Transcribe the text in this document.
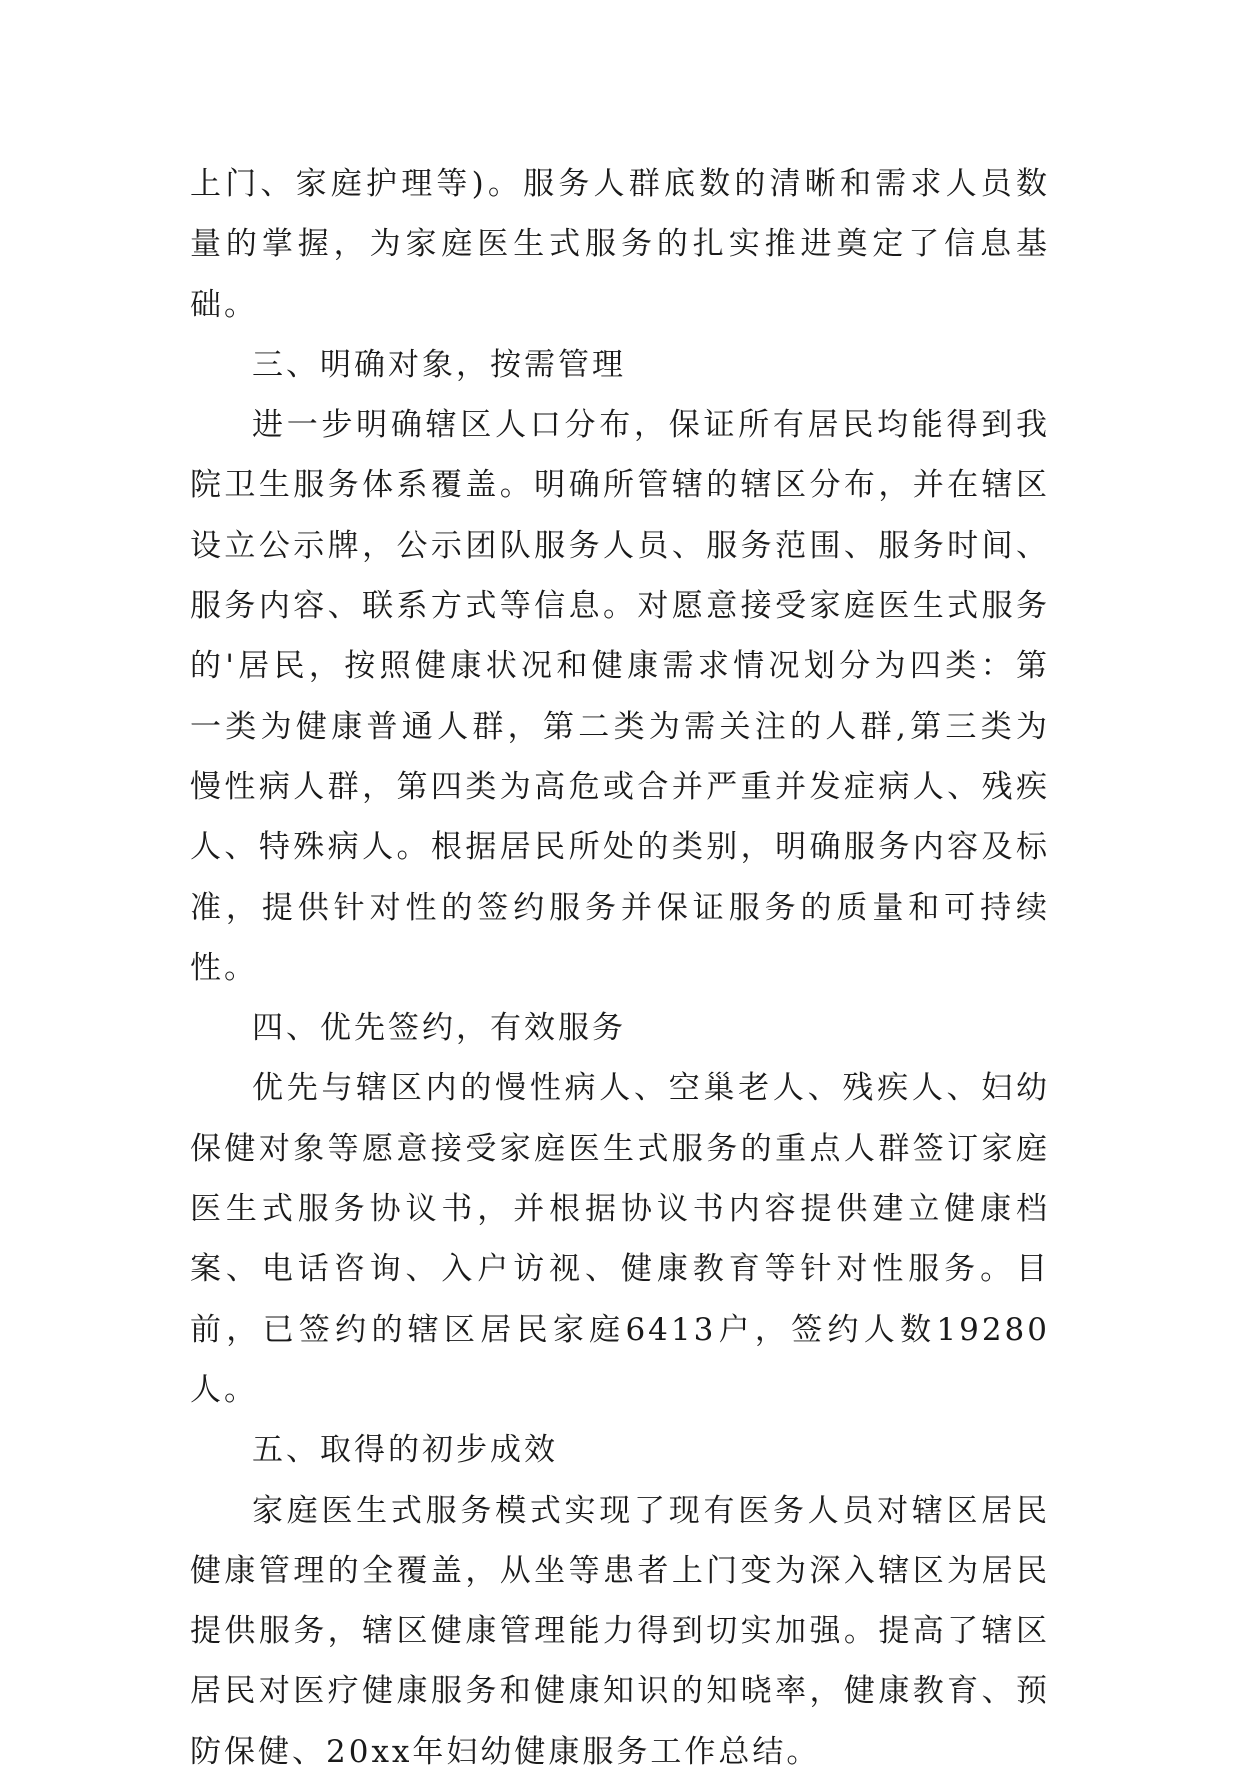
上门、家庭护理等)。服务人群底数的清晰和需求人员数量的掌握，为家庭医生式服务的扎实推进奠定了信息基础。

三、明确对象，按需管理

进一步明确辖区人口分布，保证所有居民均能得到我院卫生服务体系覆盖。明确所管辖的辖区分布，并在辖区设立公示牌，公示团队服务人员、服务范围、服务时间、服务内容、联系方式等信息。对愿意接受家庭医生式服务的'居民，按照健康状况和健康需求情况划分为四类：第一类为健康普通人群，第二类为需关注的人群,第三类为慢性病人群，第四类为高危或合并严重并发症病人、残疾人、特殊病人。根据居民所处的类别，明确服务内容及标准，提供针对性的签约服务并保证服务的质量和可持续性。

四、优先签约，有效服务

优先与辖区内的慢性病人、空巢老人、残疾人、妇幼保健对象等愿意接受家庭医生式服务的重点人群签订家庭医生式服务协议书，并根据协议书内容提供建立健康档案、电话咨询、入户访视、健康教育等针对性服务。目前，已签约的辖区居民家庭6413户，签约人数19280人。

五、取得的初步成效

家庭医生式服务模式实现了现有医务人员对辖区居民健康管理的全覆盖，从坐等患者上门变为深入辖区为居民提供服务，辖区健康管理能力得到切实加强。提高了辖区居民对医疗健康服务和健康知识的知晓率，健康教育、预防保健、20xx年妇幼健康服务工作总结。
